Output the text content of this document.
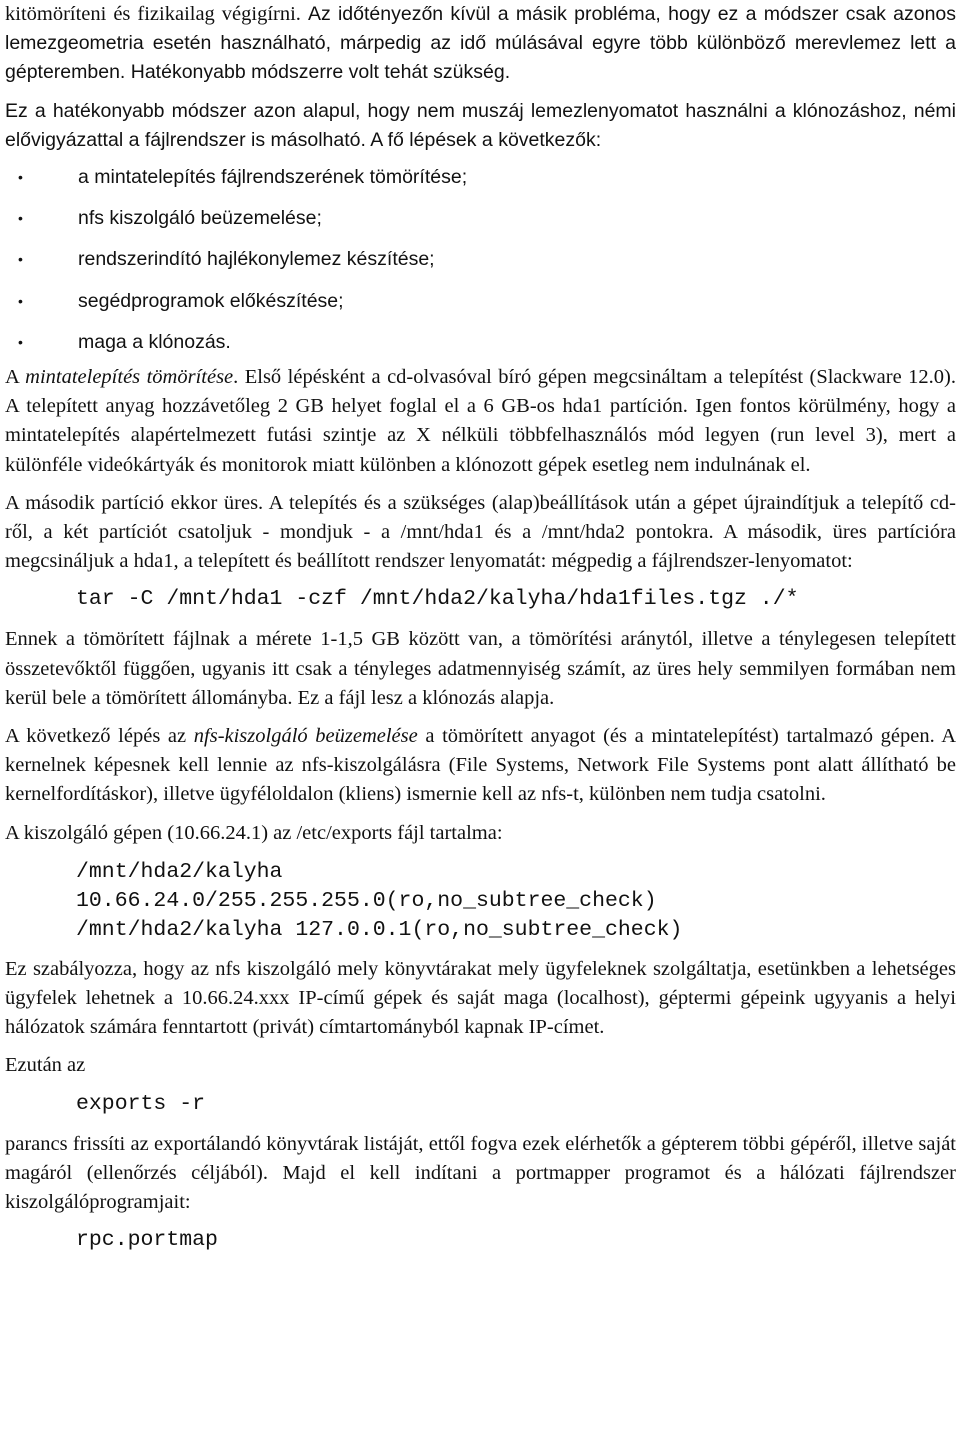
kitömöríteni és fizikailag végigírni. Az időtényezőn kívül a másik probléma, hogy ez a módszer csak azonos lemezgeometria esetén használható, márpedig az idő múlásával egyre több különböző merevlemez lett a gépteremben. Hatékonyabb módszerre volt tehát szükség.

Ez a hatékonyabb módszer azon alapul, hogy nem muszáj lemezlenyomatot használni a klónozáshoz, némi elővigyázattal a fájlrendszer is másolható. A fő lépések a következők:

•	a mintatelepítés fájlrendszerének tömörítése;
•	nfs kiszolgáló beüzemelése;
•	rendszerindító hajlékonylemez készítése;
•	segédprogramok előkészítése;
•	maga a klónozás.

A mintatelepítés tömörítése. Első lépésként a cd-olvasóval bíró gépen megcsináltam a telepítést (Slackware 12.0). A telepített anyag hozzávetőleg 2 GB helyet foglal el a 6 GB-os hda1 partíción. Igen fontos körülmény, hogy a mintatelepítés alapértelmezett futási szintje az X nélküli többfelhasználós mód legyen (run level 3), mert a különféle videókártyák és monitorok miatt különben a klónozott gépek esetleg nem indulnának el.

A második partíció ekkor üres. A telepítés és a szükséges (alap)beállítások után a gépet újraindítjuk a telepítő cd-ről, a két partíciót csatoljuk - mondjuk - a /mnt/hda1 és a /mnt/hda2 pontokra. A második, üres partícióra megcsináljuk a hda1, a telepített és beállított rendszer lenyomatát: mégpedig a fájlrendszer-lenyomatot:

tar -C /mnt/hda1 -czf /mnt/hda2/kalyha/hda1files.tgz ./*

Ennek a tömörített fájlnak a mérete 1-1,5 GB között van, a tömörítési aránytól, illetve a ténylegesen telepített összetevőktől függően, ugyanis itt csak a tényleges adatmennyiség számít, az üres hely semmilyen formában nem kerül bele a tömörített állományba. Ez a fájl lesz a klónozás alapja.

A következő lépés az nfs-kiszolgáló beüzemelése a tömörített anyagot (és a mintatelepítést) tartalmazó gépen. A kernelnek képesnek kell lennie az nfs-kiszolgálásra (File Systems, Network File Systems pont alatt állítható be kernelfordításkor), illetve ügyféloldalon (kliens) ismernie kell az nfs-t, különben nem tudja csatolni.

A kiszolgáló gépen (10.66.24.1) az /etc/exports fájl tartalma:

/mnt/hda2/kalyha
10.66.24.0/255.255.255.0(ro,no_subtree_check)
/mnt/hda2/kalyha 127.0.0.1(ro,no_subtree_check)

Ez szabályozza, hogy az nfs kiszolgáló mely könyvtárakat mely ügyfeleknek szolgáltatja, esetünkben a lehetséges ügyfelek lehetnek a 10.66.24.xxx IP-című gépek és saját maga (localhost), géptermi gépeink ugyyanis a helyi hálózatok számára fenntartott (privát) címtartományból kapnak IP-címet.

Ezután az

exports -r

parancs frissíti az exportálandó könyvtárak listáját, ettől fogva ezek elérhetők a gépterem többi gépéről, illetve saját magáról (ellenőrzés céljából). Majd el kell indítani a portmapper programot és a hálózati fájlrendszer kiszolgálóprogramjait:

rpc.portmap
